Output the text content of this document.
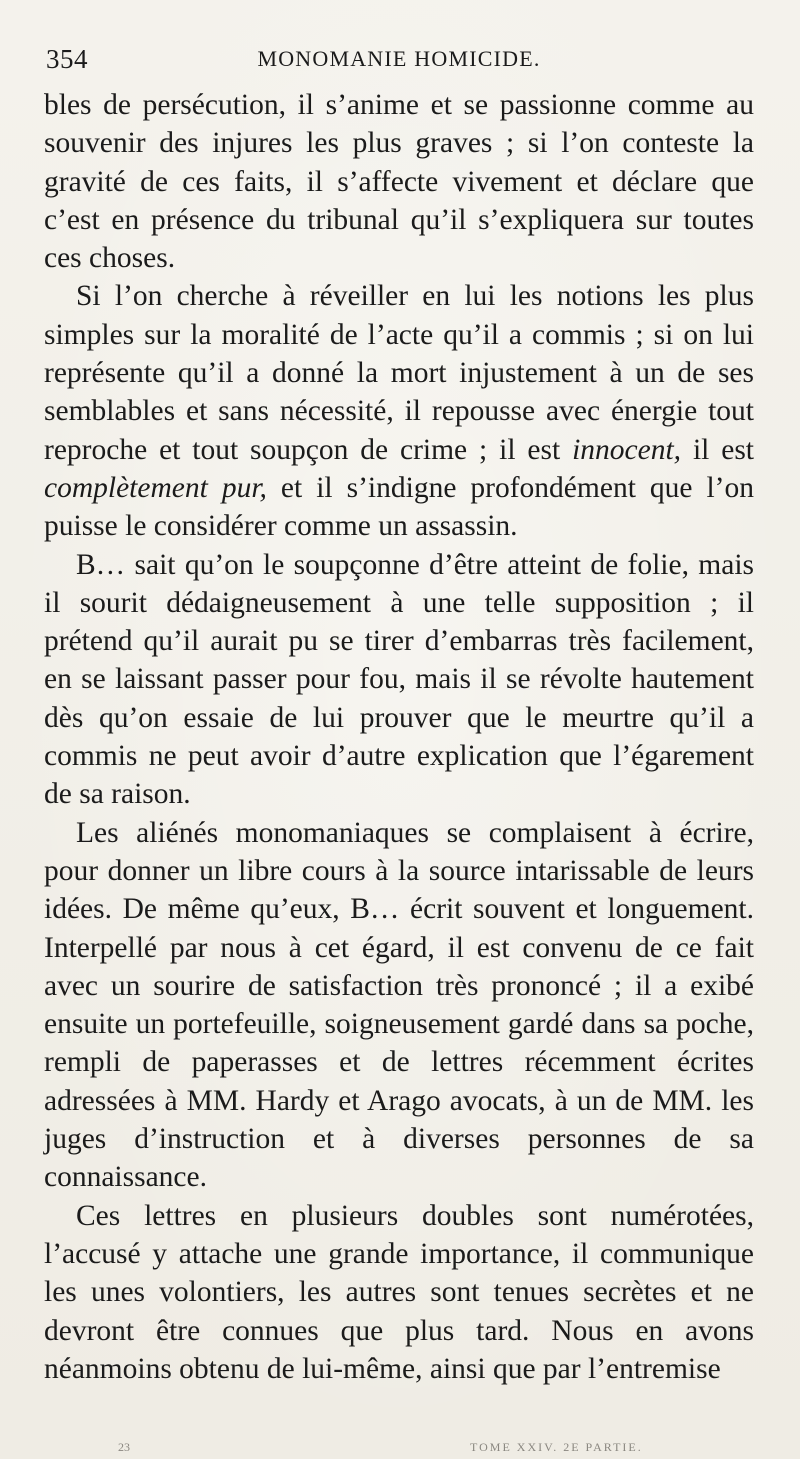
354	MONOMANIE HOMICIDE.

bles de persécution, il s’anime et se passionne comme au souvenir des injures les plus graves ; si l’on conteste la gravité de ces faits, il s’affecte vivement et déclare que c’est en présence du tribunal qu’il s’expliquera sur toutes ces choses.

Si l’on cherche à réveiller en lui les notions les plus simples sur la moralité de l’acte qu’il a commis ; si on lui représente qu’il a donné la mort injustement à un de ses semblables et sans nécessité, il repousse avec énergie tout reproche et tout soupçon de crime ; il est innocent, il est complètement pur, et il s’indigne profondément que l’on puisse le considérer comme un assassin.

B… sait qu’on le soupçonne d’être atteint de folie, mais il sourit dédaigneusement à une telle supposition ; il prétend qu’il aurait pu se tirer d’embarras très facilement, en se laissant passer pour fou, mais il se révolte hautement dès qu’on essaie de lui prouver que le meurtre qu’il a commis ne peut avoir d’autre explication que l’égarement de sa raison.

Les aliénés monomaniaques se complaisent à écrire, pour donner un libre cours à la source intarissable de leurs idées. De même qu’eux, B… écrit souvent et longuement. Interpellé par nous à cet égard, il est convenu de ce fait avec un sourire de satisfaction très prononcé ; il a exibé ensuite un portefeuille, soigneusement gardé dans sa poche, rempli de paperasses et de lettres récemment écrites adressées à MM. Hardy et Arago avocats, à un de MM. les juges d’instruction et à diverses personnes de sa connaissance.

Ces lettres en plusieurs doubles sont numérotées, l’accusé y attache une grande importance, il communique les unes volontiers, les autres sont tenues secrètes et ne devront être connues que plus tard. Nous en avons néanmoins obtenu de lui-même, ainsi que par l’entremise

23	TOME XXIV. 2E PARTIE.
